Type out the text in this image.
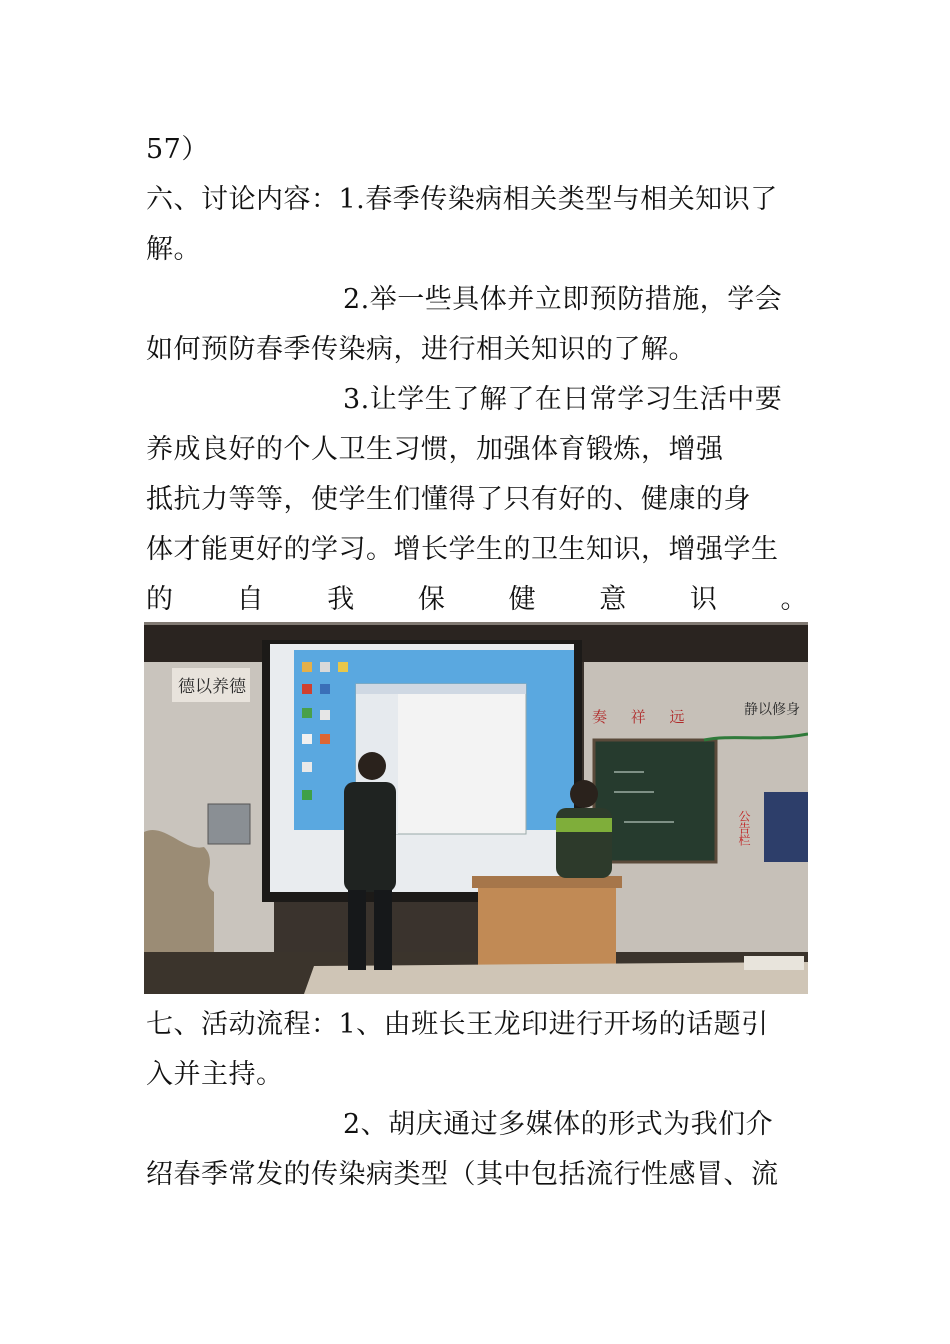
57）
六、讨论内容：1.春季传染病相关类型与相关知识了
解。
2.举一些具体并立即预防措施，学会
如何预防春季传染病，进行相关知识的了解。
3.让学生了解了在日常学习生活中要
养成良好的个人卫生习惯，加强体育锻炼，增强
抵抗力等等，使学生们懂得了只有好的、健康的身
体才能更好的学习。增长学生的卫生知识，增强学生
的 自 我 保 健 意 识 。
德以养德
奏 祥 远	静以修身
公告栏
七、活动流程：1、由班长王龙印进行开场的话题引
入并主持。
2、胡庆通过多媒体的形式为我们介
绍春季常发的传染病类型（其中包括流行性感冒、流
